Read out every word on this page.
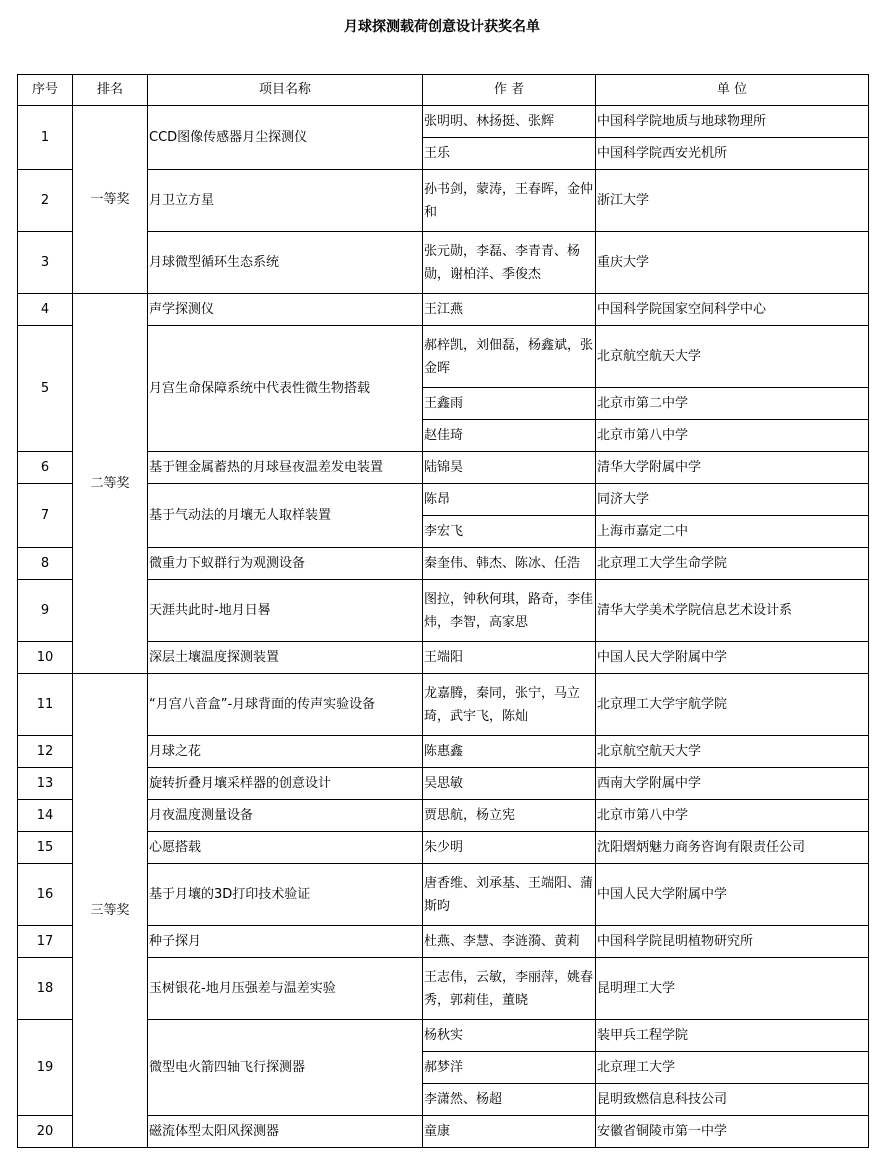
月球探测载荷创意设计获奖名单
序号	排名	项目名称	作 者	单 位
1	一等奖	CCD图像传感器月尘探测仪	张明明、林扬挺、张辉	中国科学院地质与地球物理所
			王乐	中国科学院西安光机所
2		月卫立方星	孙书剑，蒙涛，王春晖，金仲和	浙江大学
3		月球微型循环生态系统	张元勋，李磊、李青青、杨勋，谢柏洋、季俊杰	重庆大学
4	二等奖	声学探测仪	王江燕	中国科学院国家空间科学中心
5		月宫生命保障系统中代表性微生物搭载	郝梓凯，刘佃磊，杨鑫斌，张金晖	北京航空航天大学
			王鑫雨	北京市第二中学
			赵佳琦	北京市第八中学
6		基于锂金属蓄热的月球昼夜温差发电装置	陆锦昊	清华大学附属中学
7		基于气动法的月壤无人取样装置	陈昂	同济大学
			李宏飞	上海市嘉定二中
8		微重力下蚁群行为观测设备	秦奎伟、韩杰、陈冰、任浩	北京理工大学生命学院
9		天涯共此时-地月日晷	图拉，钟秋何琪，路奇，李佳炜，李智，高家思	清华大学美术学院信息艺术设计系
10		深层土壤温度探测装置	王端阳	中国人民大学附属中学
11	三等奖	“月宫八音盒”-月球背面的传声实验设备	龙嘉腾，秦同，张宁，马立琦，武宇飞，陈灿	北京理工大学宇航学院
12		月球之花	陈惠鑫	北京航空航天大学
13		旋转折叠月壤采样器的创意设计	吴思敏	西南大学附属中学
14		月夜温度测量设备	贾思航，杨立宪	北京市第八中学
15		心愿搭载	朱少明	沈阳熠炳魅力商务咨询有限责任公司
16		基于月壤的3D打印技术验证	唐香维、刘承基、王端阳、蒲斯昀	中国人民大学附属中学
17		种子探月	杜燕、李慧、李涟漪、黄莉	中国科学院昆明植物研究所
18		玉树银花-地月压强差与温差实验	王志伟，云敏，李丽萍，姚春秀，郭莉佳，董晓	昆明理工大学
19		微型电火箭四轴飞行探测器	杨秋实	装甲兵工程学院
			郝梦洋	北京理工大学
			李潇然、杨超	昆明致燃信息科技公司
20		磁流体型太阳风探测器	童康	安徽省铜陵市第一中学
